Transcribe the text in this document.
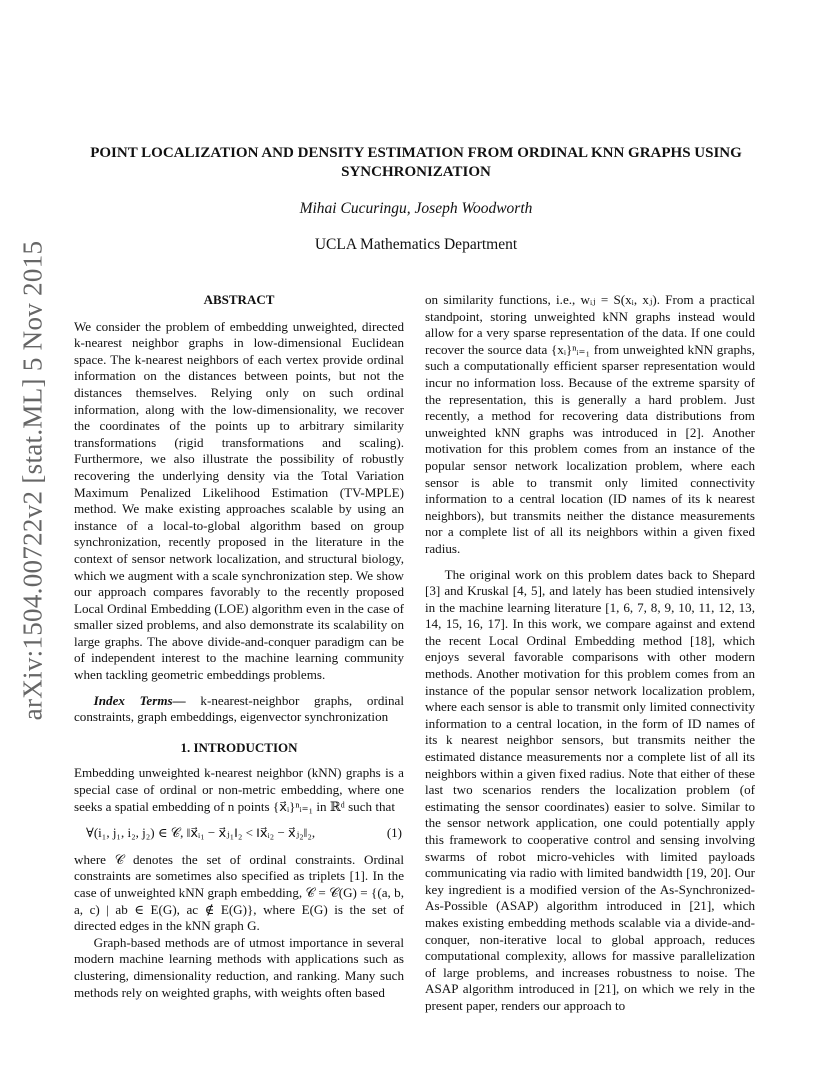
arXiv:1504.00722v2 [stat.ML] 5 Nov 2015
POINT LOCALIZATION AND DENSITY ESTIMATION FROM ORDINAL KNN GRAPHS USING SYNCHRONIZATION
Mihai Cucuringu, Joseph Woodworth
UCLA Mathematics Department
ABSTRACT

We consider the problem of embedding unweighted, directed k-nearest neighbor graphs in low-dimensional Euclidean space. The k-nearest neighbors of each vertex provide ordinal information on the distances between points, but not the distances themselves. Relying only on such ordinal information, along with the low-dimensionality, we recover the coordinates of the points up to arbitrary similarity transformations (rigid transformations and scaling). Furthermore, we also illustrate the possibility of robustly recovering the underlying density via the Total Variation Maximum Penalized Likelihood Estimation (TV-MPLE) method. We make existing approaches scalable by using an instance of a local-to-global algorithm based on group synchronization, recently proposed in the literature in the context of sensor network localization, and structural biology, which we augment with a scale synchronization step. We show our approach compares favorably to the recently proposed Local Ordinal Embedding (LOE) algorithm even in the case of smaller sized problems, and also demonstrate its scalability on large graphs. The above divide-and-conquer paradigm can be of independent interest to the machine learning community when tackling geometric embeddings problems.

Index Terms— k-nearest-neighbor graphs, ordinal constraints, graph embeddings, eigenvector synchronization

1. INTRODUCTION

Embedding unweighted k-nearest neighbor (kNN) graphs is a special case of ordinal or non-metric embedding, where one seeks a spatial embedding of n points {x⃗ᵢ}ⁿᵢ₌₁ in ℝᵈ such that

∀(i₁, j₁, i₂, j₂) ∈ 𝒞, ‖x⃗ᵢ₁ − x⃗ⱼ₁‖₂ < ‖x⃗ᵢ₂ − x⃗ⱼ₂‖₂,	(1)

where 𝒞 denotes the set of ordinal constraints. Ordinal constraints are sometimes also specified as triplets [1]. In the case of unweighted kNN graph embedding, 𝒞 = 𝒞(G) = {(a, b, a, c) | ab ∈ E(G), ac ∉ E(G)}, where E(G) is the set of directed edges in the kNN graph G.

Graph-based methods are of utmost importance in several modern machine learning methods with applications such as clustering, dimensionality reduction, and ranking. Many such methods rely on weighted graphs, with weights often based

on similarity functions, i.e., wᵢⱼ = S(xᵢ, xⱼ). From a practical standpoint, storing unweighted kNN graphs instead would allow for a very sparse representation of the data. If one could recover the source data {xᵢ}ⁿᵢ₌₁ from unweighted kNN graphs, such a computationally efficient sparser representation would incur no information loss. Because of the extreme sparsity of the representation, this is generally a hard problem. Just recently, a method for recovering data distributions from unweighted kNN graphs was introduced in [2]. Another motivation for this problem comes from an instance of the popular sensor network localization problem, where each sensor is able to transmit only limited connectivity information to a central location (ID names of its k nearest neighbors), but transmits neither the distance measurements nor a complete list of all its neighbors within a given fixed radius.

The original work on this problem dates back to Shepard [3] and Kruskal [4, 5], and lately has been studied intensively in the machine learning literature [1, 6, 7, 8, 9, 10, 11, 12, 13, 14, 15, 16, 17]. In this work, we compare against and extend the recent Local Ordinal Embedding method [18], which enjoys several favorable comparisons with other modern methods. Another motivation for this problem comes from an instance of the popular sensor network localization problem, where each sensor is able to transmit only limited connectivity information to a central location, in the form of ID names of its k nearest neighbor sensors, but transmits neither the estimated distance measurements nor a complete list of all its neighbors within a given fixed radius. Note that either of these last two scenarios renders the localization problem (of estimating the sensor coordinates) easier to solve. Similar to the sensor network application, one could potentially apply this framework to cooperative control and sensing involving swarms of robot micro-vehicles with limited payloads communicating via radio with limited bandwidth [19, 20]. Our key ingredient is a modified version of the As-Synchronized-As-Possible (ASAP) algorithm introduced in [21], which makes existing embedding methods scalable via a divide-and-conquer, non-iterative local to global approach, reduces computational complexity, allows for massive parallelization of large problems, and increases robustness to noise. The ASAP algorithm introduced in [21], on which we rely in the present paper, renders our approach to
